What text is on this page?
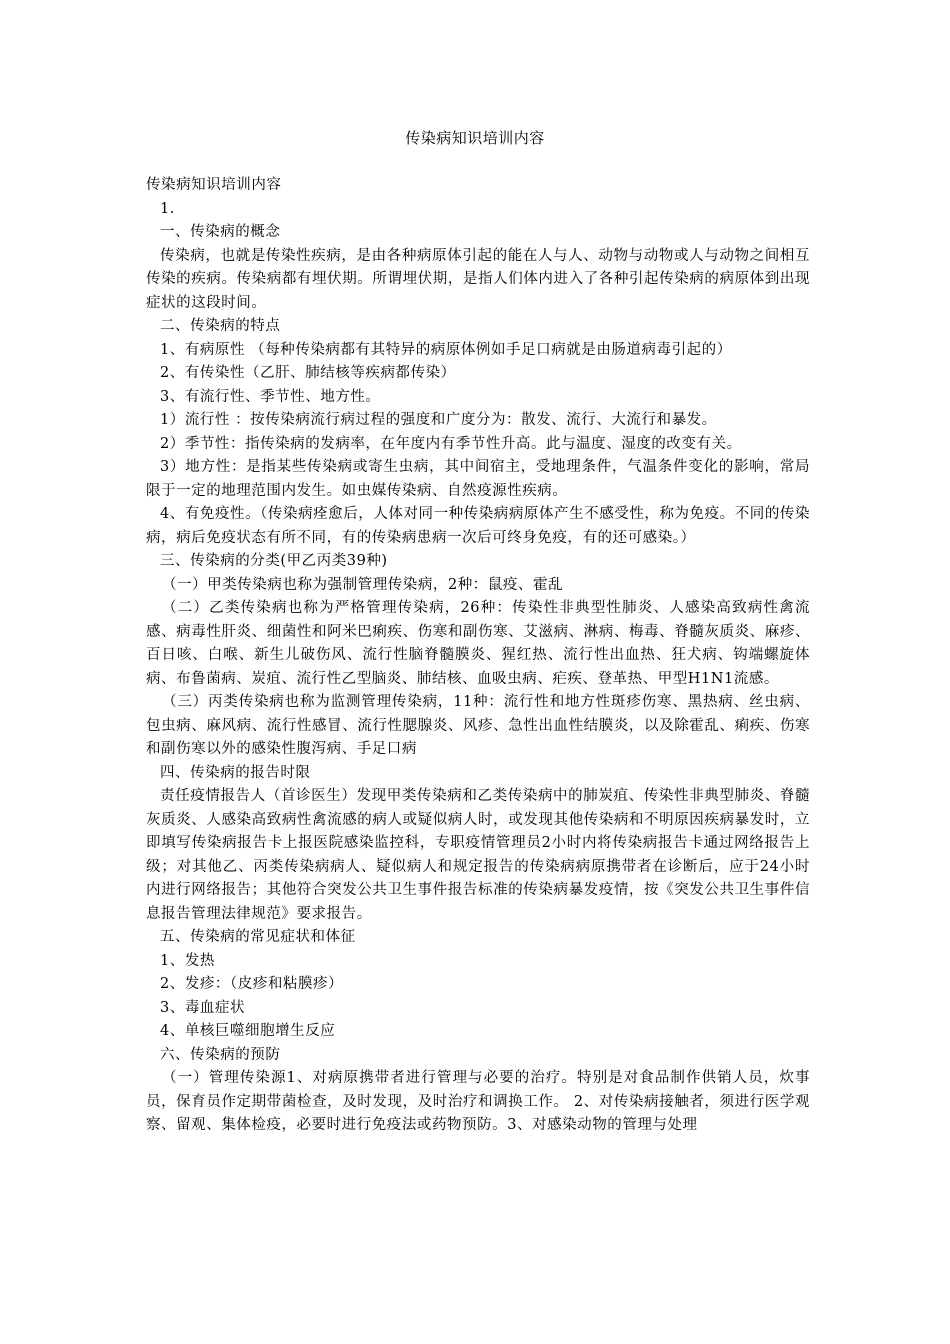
传染病知识培训内容

传染病知识培训内容

1.

一、传染病的概念

传染病，也就是传染性疾病，是由各种病原体引起的能在人与人、动物与动物或人与动物之间相互传染的疾病。传染病都有埋伏期。所谓埋伏期，是指人们体内进入了各种引起传染病的病原体到出现症状的这段时间。

二、传染病的特点

1、有病原性 （每种传染病都有其特异的病原体例如手足口病就是由肠道病毒引起的）

2、有传染性（乙肝、肺结核等疾病都传染）

3、有流行性、季节性、地方性。

1）流行性 ：按传染病流行病过程的强度和广度分为：散发、流行、大流行和暴发。

2）季节性：指传染病的发病率，在年度内有季节性升高。此与温度、湿度的改变有关。

3）地方性：是指某些传染病或寄生虫病，其中间宿主，受地理条件，气温条件变化的影响，常局限于一定的地理范围内发生。如虫媒传染病、自然疫源性疾病。

4、有免疫性。（传染病痊愈后，人体对同一种传染病病原体产生不感受性，称为免疫。不同的传染病，病后免疫状态有所不同，有的传染病患病一次后可终身免疫，有的还可感染。）

三、传染病的分类(甲乙丙类39种)

（一）甲类传染病也称为强制管理传染病，2种：鼠疫、霍乱

（二）乙类传染病也称为严格管理传染病，26种：传染性非典型性肺炎、人感染高致病性禽流感、病毒性肝炎、细菌性和阿米巴痢疾、伤寒和副伤寒、艾滋病、淋病、梅毒、脊髓灰质炎、麻疹、百日咳、白喉、新生儿破伤风、流行性脑脊髓膜炎、猩红热、流行性出血热、狂犬病、钩端螺旋体病、布鲁菌病、炭疽、流行性乙型脑炎、肺结核、血吸虫病、疟疾、登革热、甲型H1N1流感。

（三）丙类传染病也称为监测管理传染病，11种：流行性和地方性斑疹伤寒、黑热病、丝虫病、包虫病、麻风病、流行性感冒、流行性腮腺炎、风疹、急性出血性结膜炎，以及除霍乱、痢疾、伤寒和副伤寒以外的感染性腹泻病、手足口病

四、传染病的报告时限

责任疫情报告人（首诊医生）发现甲类传染病和乙类传染病中的肺炭疽、传染性非典型肺炎、脊髓灰质炎、人感染高致病性禽流感的病人或疑似病人时，或发现其他传染病和不明原因疾病暴发时，立即填写传染病报告卡上报医院感染监控科，专职疫情管理员2小时内将传染病报告卡通过网络报告上级；对其他乙、丙类传染病病人、疑似病人和规定报告的传染病病原携带者在诊断后，应于24小时内进行网络报告；其他符合突发公共卫生事件报告标准的传染病暴发疫情，按《突发公共卫生事件信息报告管理法律规范》要求报告。

五、传染病的常见症状和体征

1、发热

2、发疹：（皮疹和粘膜疹）

3、毒血症状

4、单核巨噬细胞增生反应

六、传染病的预防

（一）管理传染源1、对病原携带者进行管理与必要的治疗。特别是对食品制作供销人员，炊事员，保育员作定期带菌检查，及时发现，及时治疗和调换工作。 2、对传染病接触者，须进行医学观察、留观、集体检疫，必要时进行免疫法或药物预防。3、对感染动物的管理与处理
